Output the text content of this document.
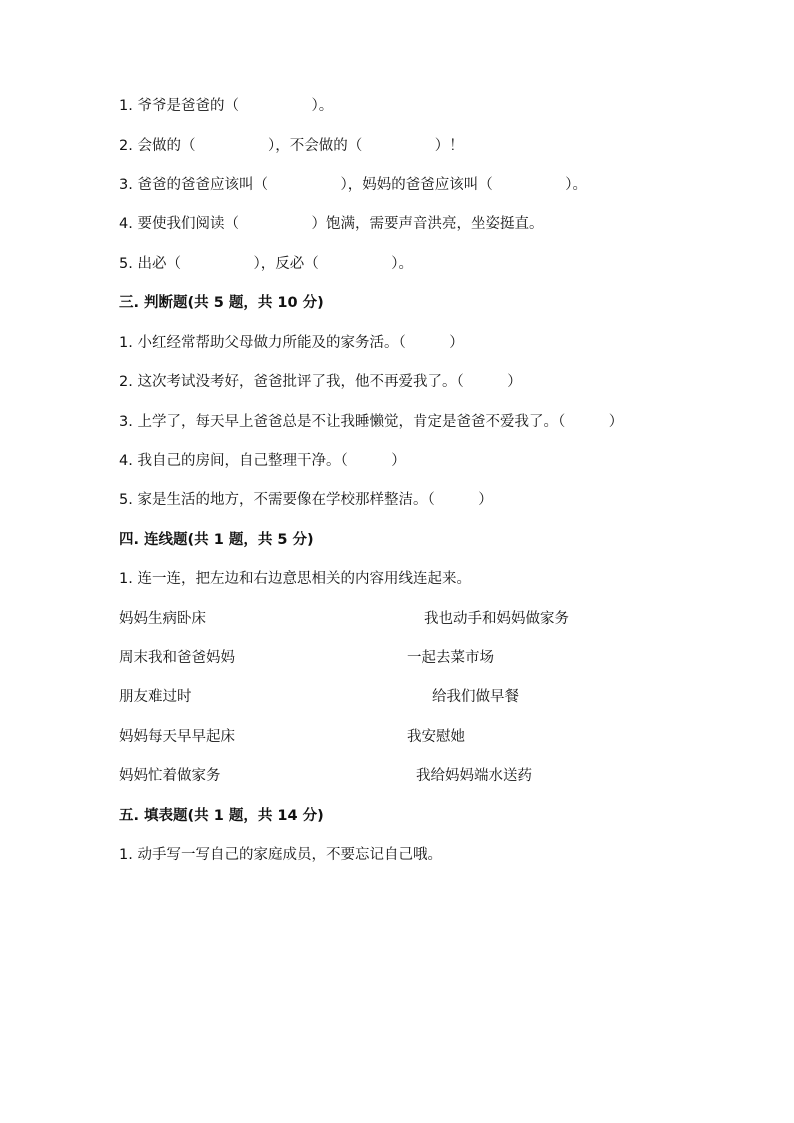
1. 爷爷是爸爸的（　　　　　）。
2. 会做的（　　　　　），不会做的（　　　　　）！
3. 爸爸的爸爸应该叫（　　　　　），妈妈的爸爸应该叫（　　　　　）。
4. 要使我们阅读（　　　　　）饱满，需要声音洪亮，坐姿挺直。
5. 出必（　　　　　），反必（　　　　　）。
三. 判断题(共 5 题，共 10 分)
1. 小红经常帮助父母做力所能及的家务活。（　　　）
2. 这次考试没考好，爸爸批评了我，他不再爱我了。（　　　）
3. 上学了，每天早上爸爸总是不让我睡懒觉，肯定是爸爸不爱我了。（　　　）
4. 我自己的房间，自己整理干净。（　　　）
5. 家是生活的地方，不需要像在学校那样整洁。（　　　）
四. 连线题(共 1 题，共 5 分)
1. 连一连，把左边和右边意思相关的内容用线连起来。
妈妈生病卧床	我也动手和妈妈做家务
周末我和爸爸妈妈	一起去菜市场
朋友难过时	给我们做早餐
妈妈每天早早起床	我安慰她
妈妈忙着做家务	我给妈妈端水送药
五. 填表题(共 1 题，共 14 分)
1. 动手写一写自己的家庭成员，不要忘记自己哦。
